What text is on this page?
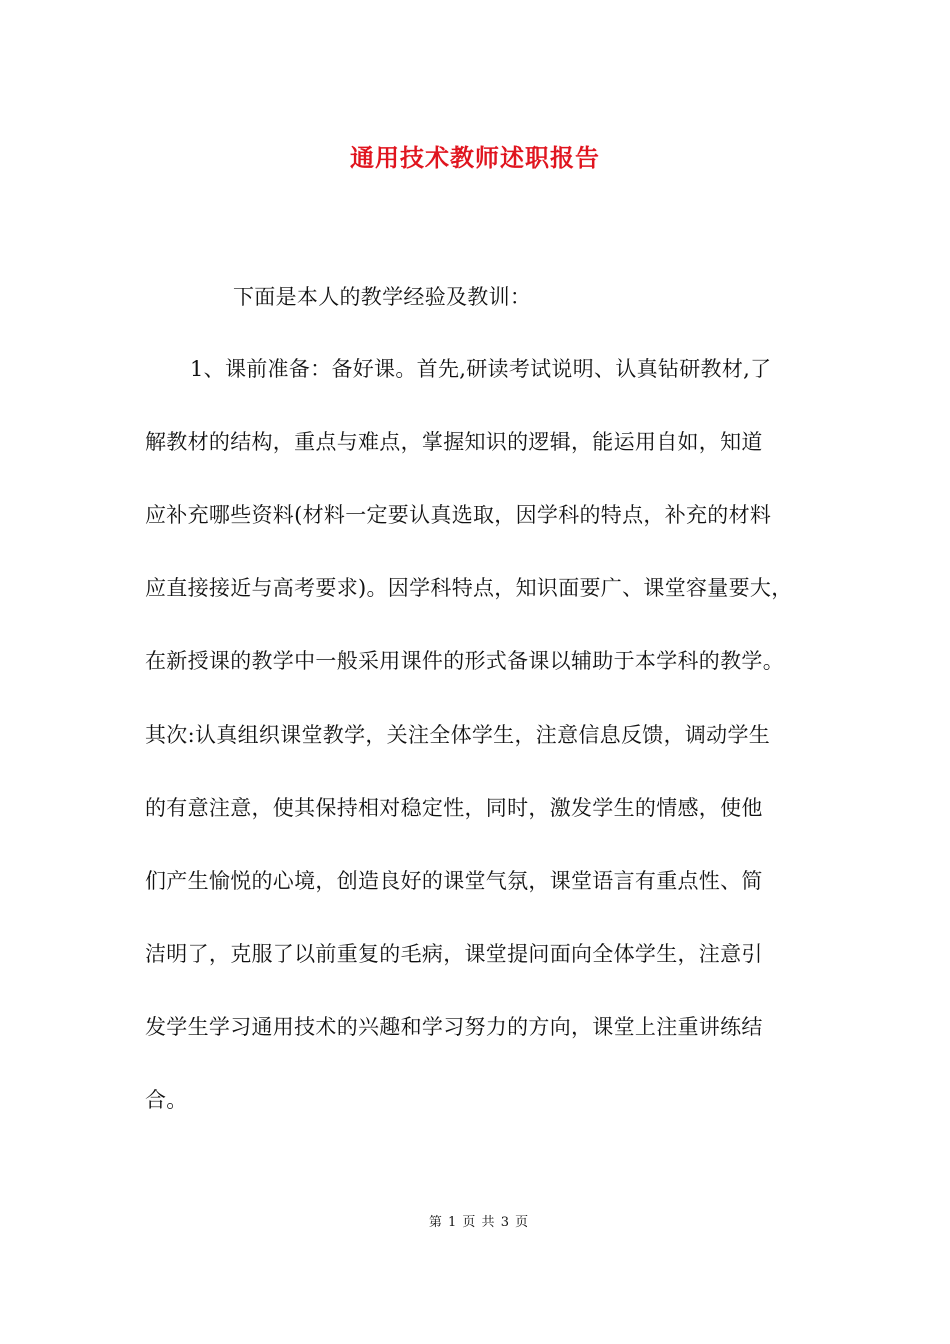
通用技术教师述职报告
下面是本人的教学经验及教训：
1、课前准备：备好课。首先,研读考试说明、认真钻研教材,了
解教材的结构，重点与难点，掌握知识的逻辑，能运用自如，知道
应补充哪些资料(材料一定要认真选取，因学科的特点，补充的材料
应直接接近与高考要求)。因学科特点，知识面要广、课堂容量要大，
在新授课的教学中一般采用课件的形式备课以辅助于本学科的教学。
其次:认真组织课堂教学，关注全体学生，注意信息反馈，调动学生
的有意注意，使其保持相对稳定性，同时，激发学生的情感，使他
们产生愉悦的心境，创造良好的课堂气氛，课堂语言有重点性、简
洁明了，克服了以前重复的毛病，课堂提问面向全体学生，注意引
发学生学习通用技术的兴趣和学习努力的方向，课堂上注重讲练结
合。
第 1 页 共 3 页
